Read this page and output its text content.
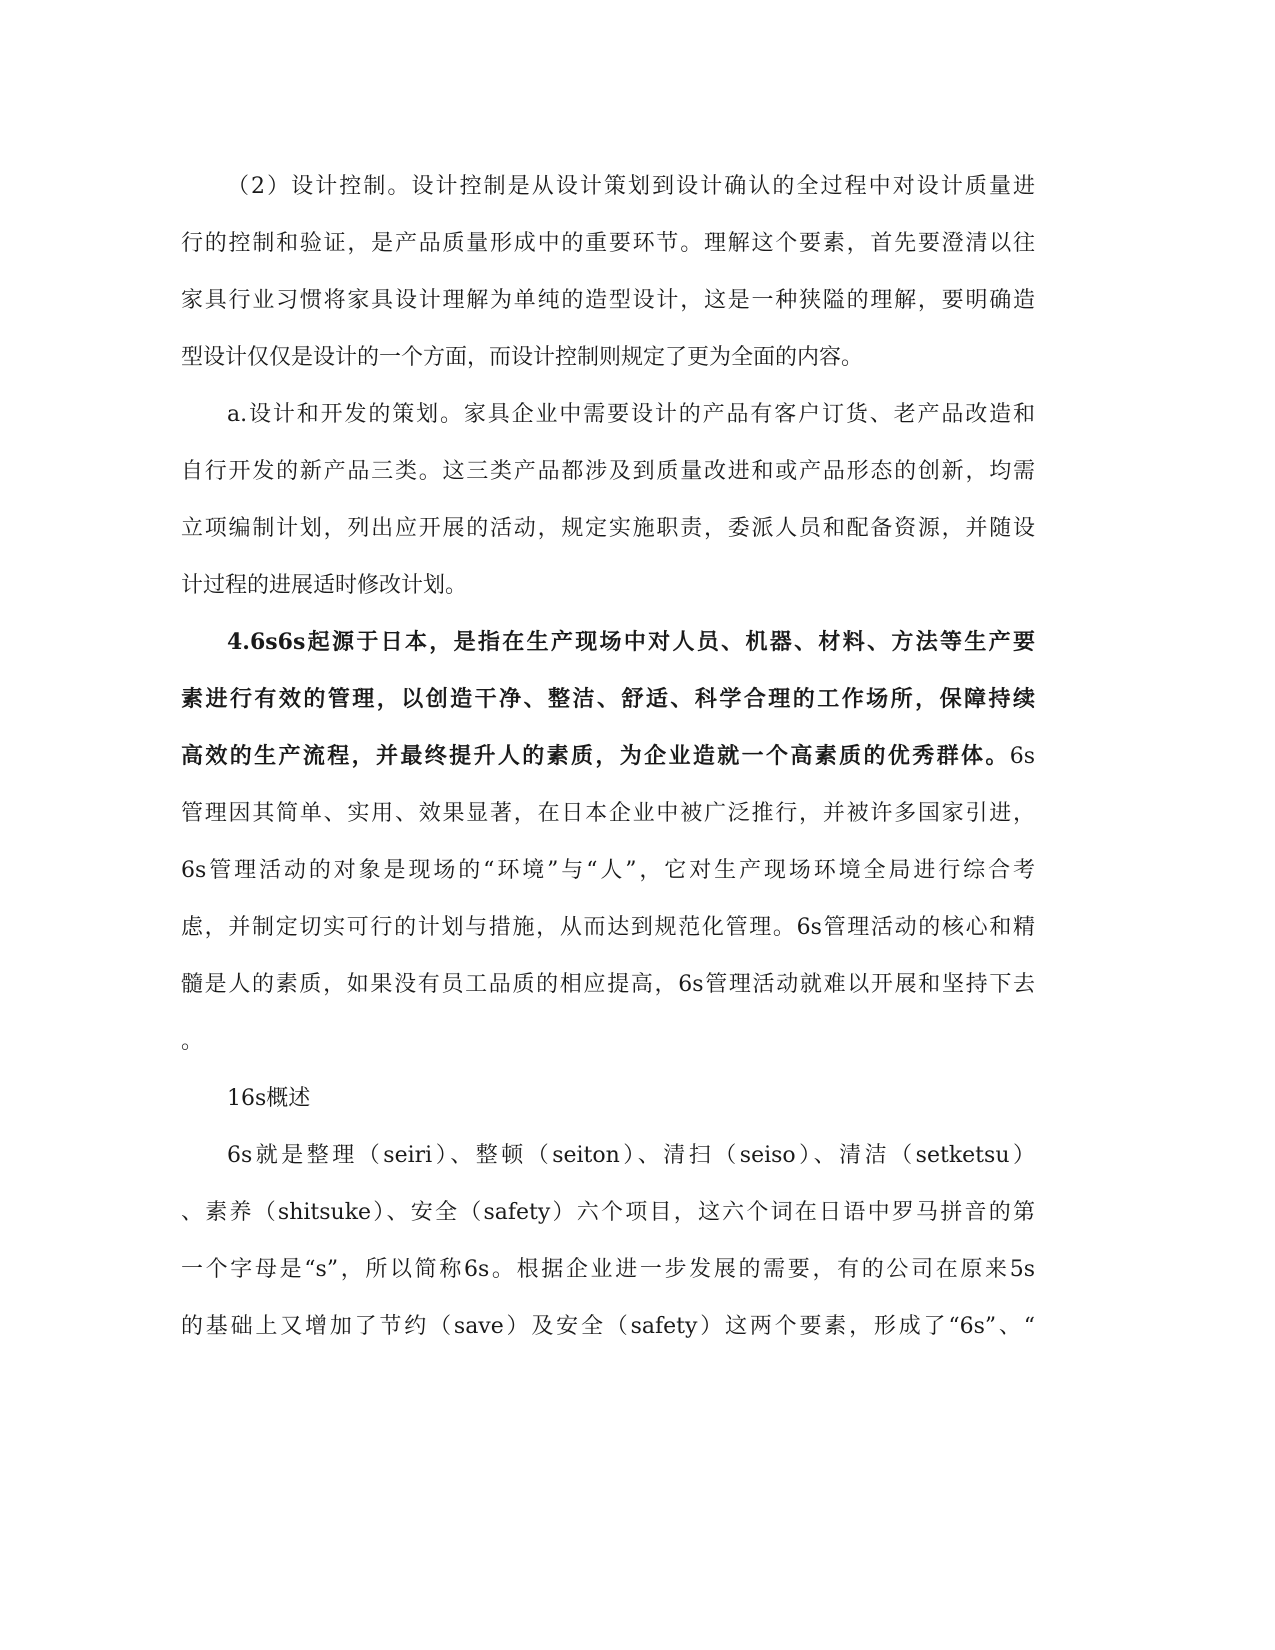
（2）设计控制。设计控制是从设计策划到设计确认的全过程中对设计质量进
行的控制和验证，是产品质量形成中的重要环节。理解这个要素，首先要澄清以往
家具行业习惯将家具设计理解为单纯的造型设计，这是一种狭隘的理解，要明确造
型设计仅仅是设计的一个方面，而设计控制则规定了更为全面的内容。
a.设计和开发的策划。家具企业中需要设计的产品有客户订货、老产品改造和
自行开发的新产品三类。这三类产品都涉及到质量改进和或产品形态的创新，均需
立项编制计划，列出应开展的活动，规定实施职责，委派人员和配备资源，并随设
计过程的进展适时修改计划。
4.6s6s起源于日本，是指在生产现场中对人员、机器、材料、方法等生产要
素进行有效的管理，以创造干净、整洁、舒适、科学合理的工作场所，保障持续
高效的生产流程，并最终提升人的素质，为企业造就一个高素质的优秀群体。6s
管理因其简单、实用、效果显著，在日本企业中被广泛推行，并被许多国家引进，
6s管理活动的对象是现场的“环境”与“人”，它对生产现场环境全局进行综合考
虑，并制定切实可行的计划与措施，从而达到规范化管理。6s管理活动的核心和精
髓是人的素质，如果没有员工品质的相应提高，6s管理活动就难以开展和坚持下去
。
16s概述
6s就是整理（seiri）、整顿（seiton）、清扫（seiso）、清洁（setketsu）
、素养（shitsuke）、安全（safety）六个项目，这六个词在日语中罗马拼音的第
一个字母是“s”，所以简称6s。根据企业进一步发展的需要，有的公司在原来5s
的基础上又增加了节约（save）及安全（safety）这两个要素，形成了“6s”、“
